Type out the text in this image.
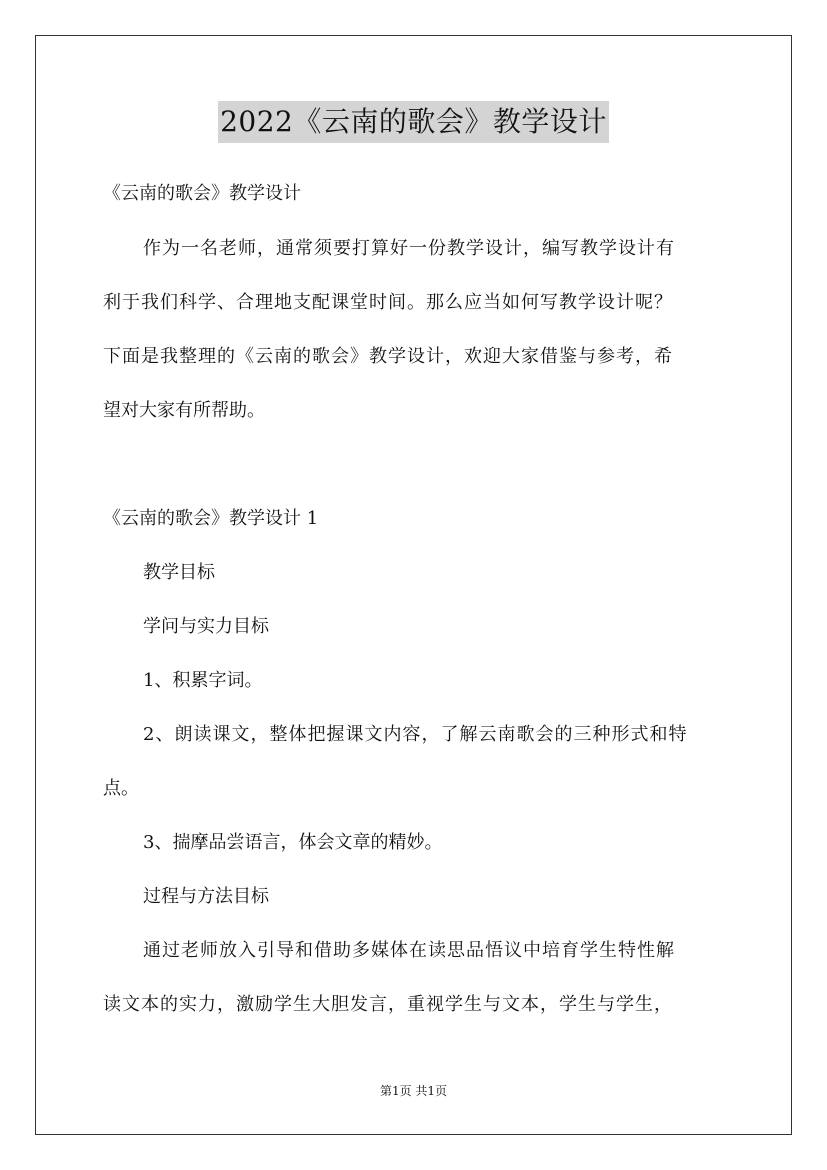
2022《云南的歌会》教学设计
《云南的歌会》教学设计
作为一名老师，通常须要打算好一份教学设计，编写教学设计有
利于我们科学、合理地支配课堂时间。那么应当如何写教学设计呢？
下面是我整理的《云南的歌会》教学设计，欢迎大家借鉴与参考，希
望对大家有所帮助。
《云南的歌会》教学设计 1
教学目标
学问与实力目标
1、积累字词。
2、朗读课文，整体把握课文内容，了解云南歌会的三种形式和特
点。
3、揣摩品尝语言，体会文章的精妙。
过程与方法目标
通过老师放入引导和借助多媒体在读思品悟议中培育学生特性解
读文本的实力，激励学生大胆发言，重视学生与文本，学生与学生，
第1页 共1页
